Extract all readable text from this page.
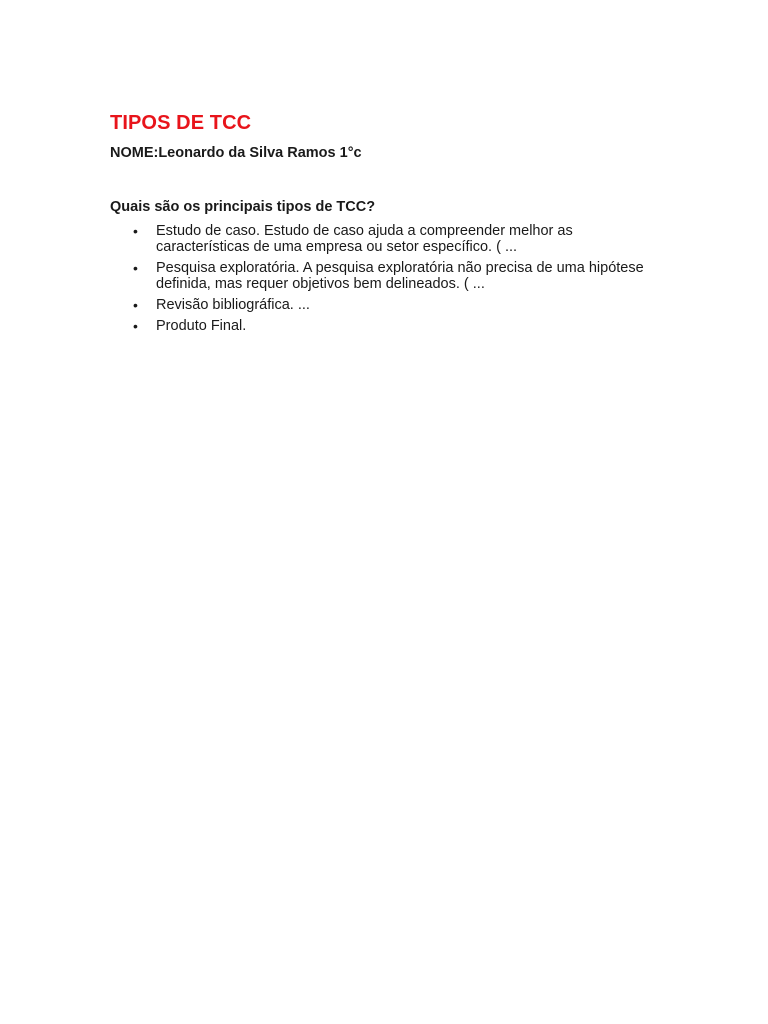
TIPOS DE TCC

NOME:Leonardo da Silva Ramos 1°c

Quais são os principais tipos de TCC?

• Estudo de caso. Estudo de caso ajuda a compreender melhor as características de uma empresa ou setor específico. ( ...
• Pesquisa exploratória. A pesquisa exploratória não precisa de uma hipótese definida, mas requer objetivos bem delineados. ( ...
• Revisão bibliográfica. ...
• Produto Final.
